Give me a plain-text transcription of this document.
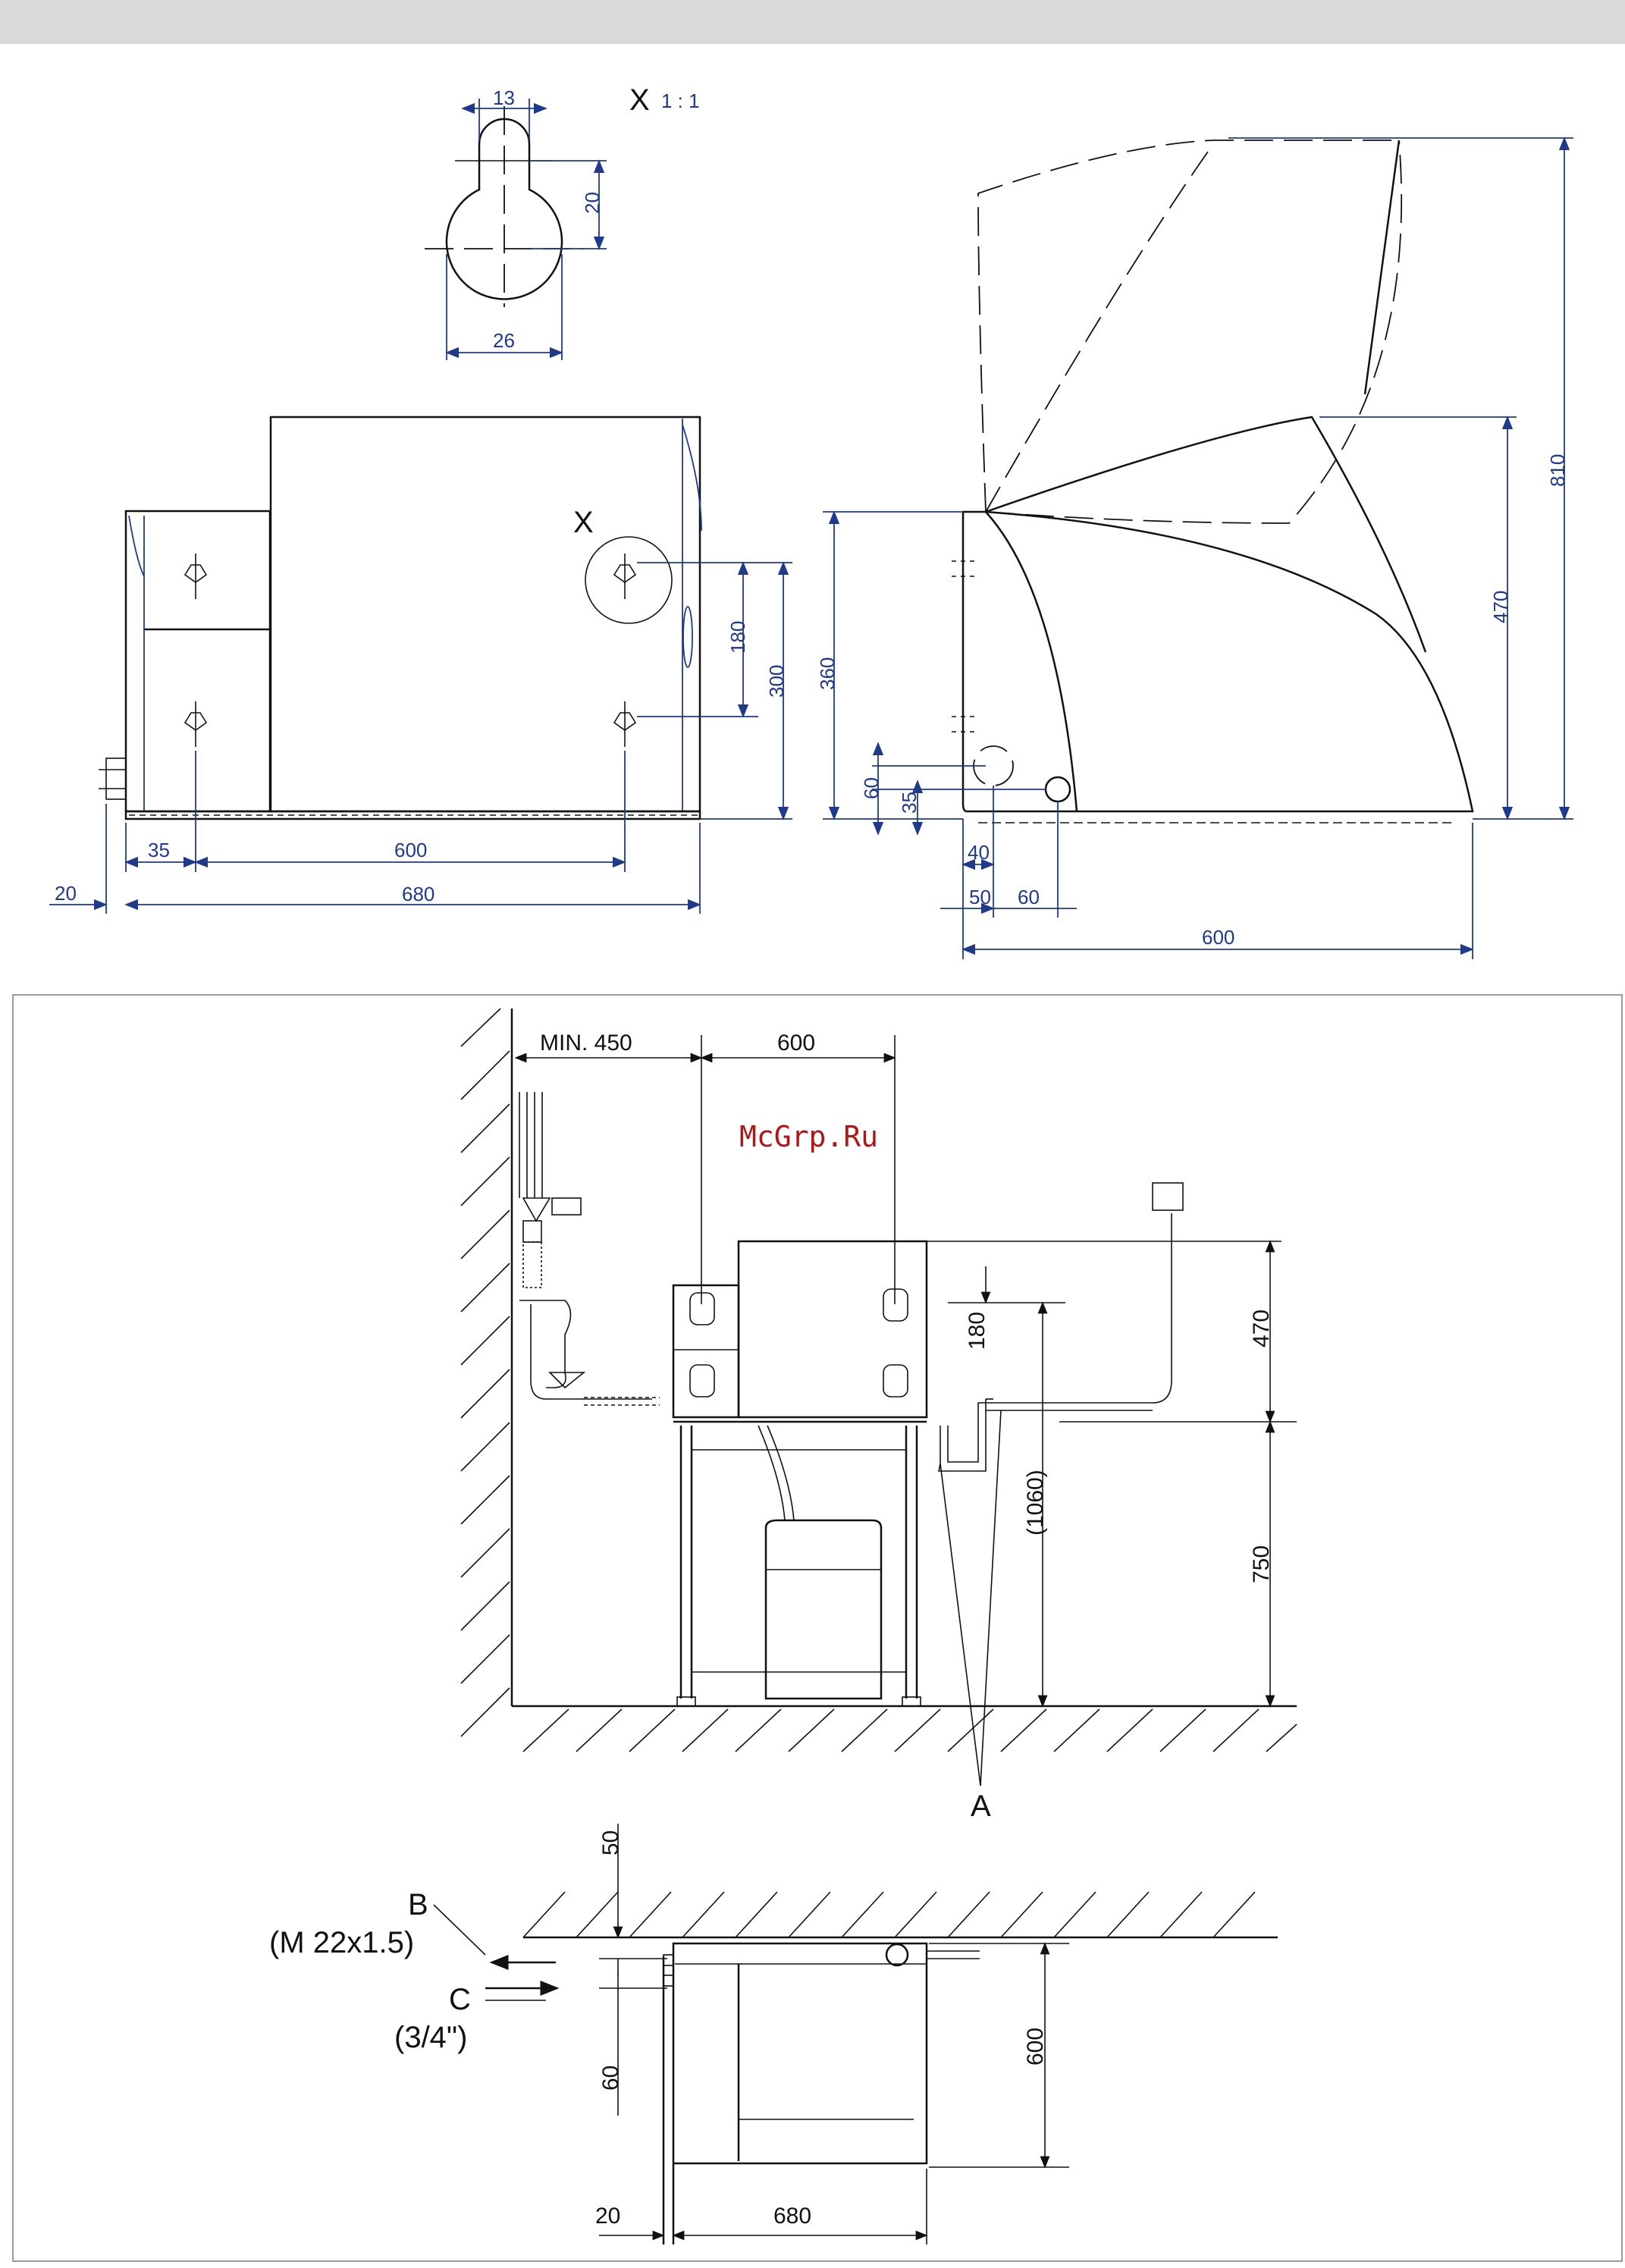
13
20
26
X 1 : 1
X
180
300
35	600
20	680
810
470
360
60
35
40
50 60
600
McGrp.Ru
MIN. 450	600
470
180
(1060)
750
A
B
(M 22x1.5)
C
(3/4")
50
60
600
20	680
